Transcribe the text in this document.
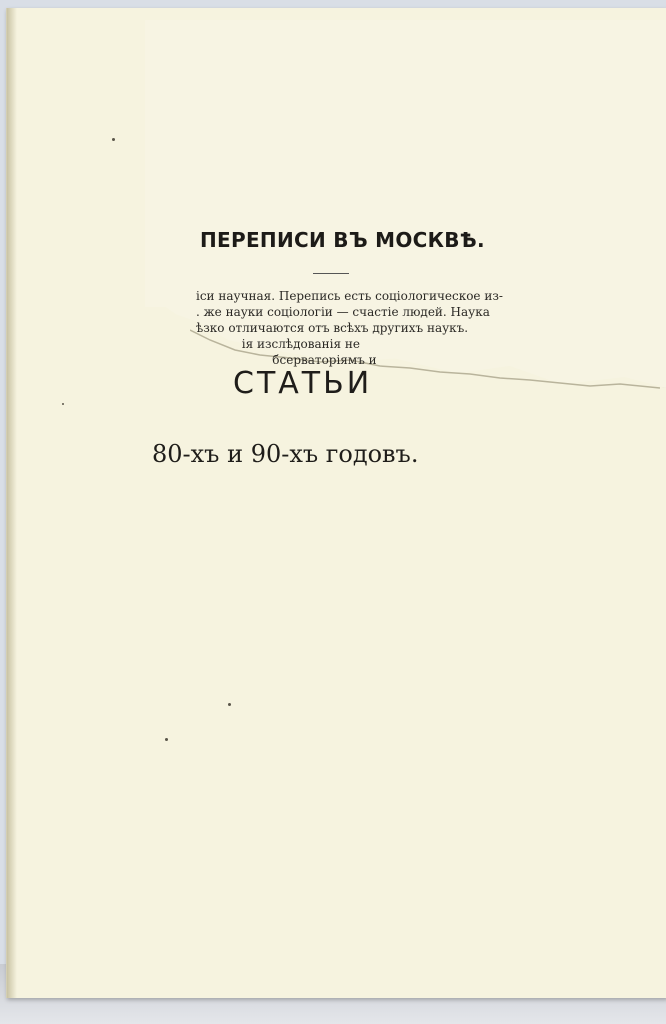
ПЕРЕПИСИ ВЪ МОСКВѢ.
іси научная. Перепись есть соціологическое из-
. же науки соціологіи — счастіе людей. Наука
ѣзко отличаются отъ всѣхъ другихъ наукъ.
ія изслѣдованія не
бсерваторіямъ и
СТАТЬИ
80-хъ и 90-хъ годовъ.
